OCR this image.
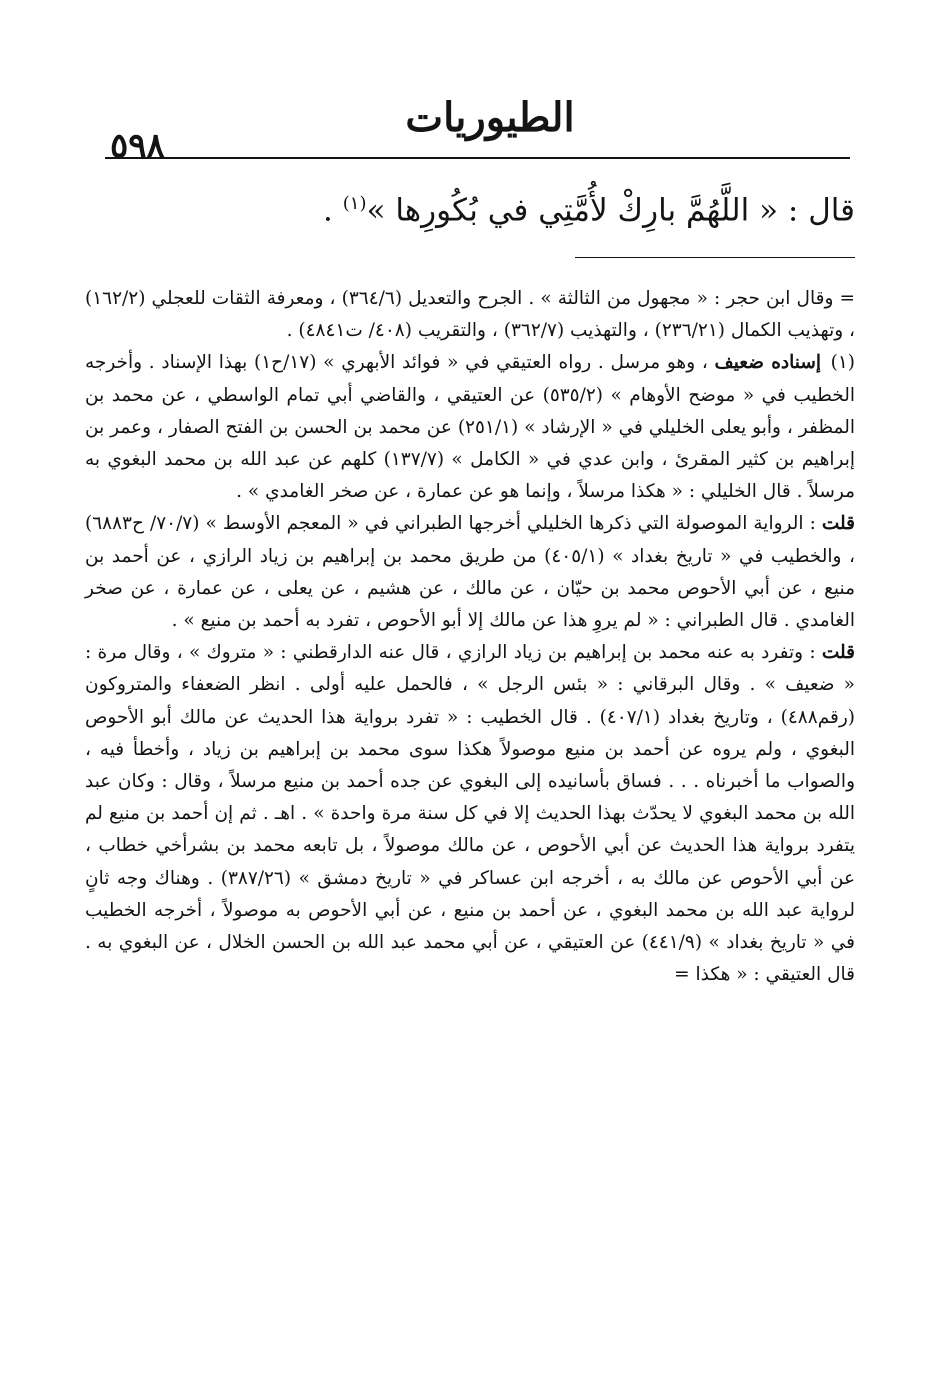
٥٩٨
الطيوريات
قال : « اللَّهُمَّ بارِكْ لأُمَّتِي في بُكُورِها »$^{(١)}$ .

= وقال ابن حجر : « مجهول من الثالثة » . الجرح والتعديل (٣٦٤/٦) ، ومعرفة الثقات للعجلي (١٦٢/٢) ، وتهذيب الكمال (٢٣٦/٢١) ، والتهذيب (٣٦٢/٧) ، والتقريب (٤٠٨/ ت٤٨٤١) .

(١)إسناده ضعيف ، وهو مرسل . رواه العتيقي في « فوائد الأبهري » (١٧/ح١) بهذا الإسناد . وأخرجه الخطيب في « موضح الأوهام » (٥٣٥/٢) عن العتيقي ، والقاضي أبي تمام الواسطي ، عن محمد بن المظفر ، وأبو يعلى الخليلي في « الإرشاد » (٢٥١/١) عن محمد بن الحسن بن الفتح الصفار ، وعمر بن إبراهيم بن كثير المقرئ ، وابن عدي في « الكامل » (١٣٧/٧) كلهم عن عبد الله بن محمد البغوي به مرسلاً . قال الخليلي : « هكذا مرسلاً ، وإنما هو عن عمارة ، عن صخر الغامدي » .

قلت : الرواية الموصولة التي ذكرها الخليلي أخرجها الطبراني في « المعجم الأوسط » (٧٠/٧/ ح٦٨٨٣) ، والخطيب في « تاريخ بغداد » (٤٠٥/١) من طريق محمد بن إبراهيم بن زياد الرازي ، عن أحمد بن منيع ، عن أبي الأحوص محمد بن حيّان ، عن مالك ، عن هشيم ، عن يعلى ، عن عمارة ، عن صخر الغامدي . قال الطبراني : « لم يروِ هذا عن مالك إلا أبو الأحوص ، تفرد به أحمد بن منيع » .

قلت : وتفرد به عنه محمد بن إبراهيم بن زياد الرازي ، قال عنه الدارقطني : « متروك » ، وقال مرة : « ضعيف » . وقال البرقاني : « بئس الرجل » ، فالحمل عليه أولى . انظر الضعفاء والمتروكون (رقم٤٨٨) ، وتاريخ بغداد (٤٠٧/١) . قال الخطيب : « تفرد برواية هذا الحديث عن مالك أبو الأحوص البغوي ، ولم يروه عن أحمد بن منيع موصولاً هكذا سوى محمد بن إبراهيم بن زياد ، وأخطأ فيه ، والصواب ما أخبرناه . . . فساق بأسانيده إلى البغوي عن جده أحمد بن منيع مرسلاً ، وقال : وكان عبد الله بن محمد البغوي لا يحدّث بهذا الحديث إلا في كل سنة مرة واحدة » . اهـ . ثم إن أحمد بن منيع لم يتفرد برواية هذا الحديث عن أبي الأحوص ، عن مالك موصولاً ، بل تابعه محمد بن بشرأخي خطاب ، عن أبي الأحوص عن مالك به ، أخرجه ابن عساكر في « تاريخ دمشق » (٣٨٧/٢٦) . وهناك وجه ثانٍ لرواية عبد الله بن محمد البغوي ، عن أحمد بن منيع ، عن أبي الأحوص به موصولاً ، أخرجه الخطيب في « تاريخ بغداد » (٤٤١/٩) عن العتيقي ، عن أبي محمد عبد الله بن الحسن الخلال ، عن البغوي به . قال العتيقي : « هكذا =
